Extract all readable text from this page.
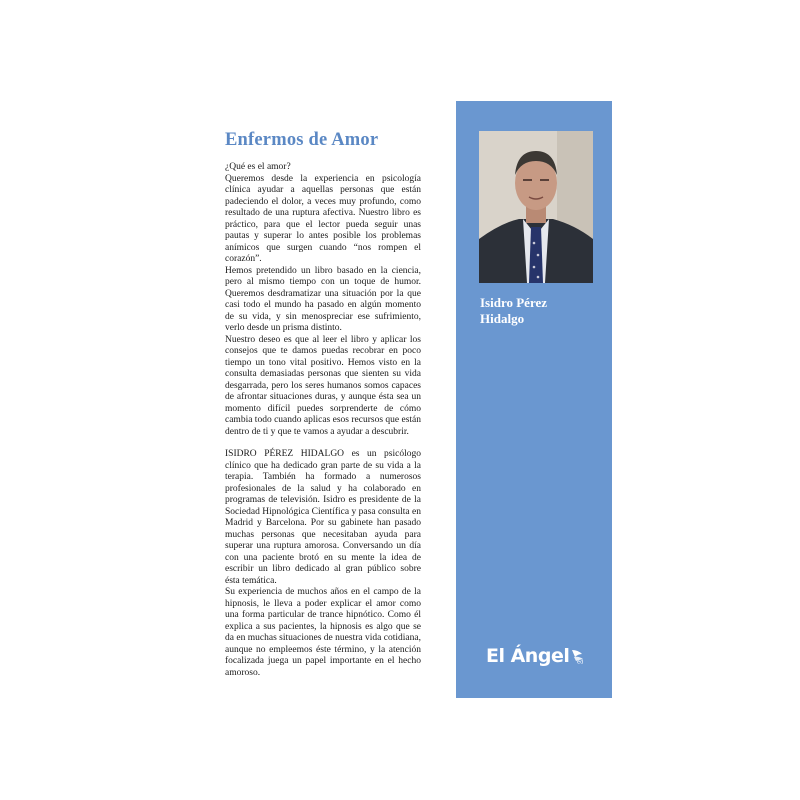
Enfermos de Amor

¿Qué es el amor?

Queremos desde la experiencia en psicología clínica ayudar a aquellas personas que están padeciendo el dolor, a veces muy profundo, como resultado de una ruptura afectiva. Nuestro libro es práctico, para que el lector pueda seguir unas pautas y superar lo antes posible los problemas anímicos que surgen cuando “nos rompen el corazón”.

Hemos pretendido un libro basado en la ciencia, pero al mismo tiempo con un toque de humor. Queremos desdramatizar una situación por la que casi todo el mundo ha pasado en algún momento de su vida, y sin menospreciar ese sufrimiento, verlo desde un prisma distinto.

Nuestro deseo es que al leer el libro y aplicar los consejos que te damos puedas recobrar en poco tiempo un tono vital positivo. Hemos visto en la consulta demasiadas personas que sienten su vida desgarrada, pero los seres humanos somos capaces de afrontar situaciones duras, y aunque ésta sea un momento difícil puedes sorprenderte de cómo cambia todo cuando aplicas esos recursos que están dentro de ti y que te vamos a ayudar a descubrir.

ISIDRO PÉREZ HIDALGO es un psicólogo clínico que ha dedicado gran parte de su vida a la terapia. También ha formado a numerosos profesionales de la salud y ha colaborado en programas de televisión. Isidro es presidente de la Sociedad Hipnológica Científica y pasa consulta en Madrid y Barcelona. Por su gabinete han pasado muchas personas que necesitaban ayuda para superar una ruptura amorosa. Conversando un día con una paciente brotó en su mente la idea de escribir un libro dedicado al gran público sobre ésta temática.

Su experiencia de muchos años en el campo de la hipnosis, le lleva a poder explicar el amor como una forma particular de trance hipnótico. Como él explica a sus pacientes, la hipnosis es algo que se da en muchas situaciones de nuestra vida cotidiana, aunque no empleemos éste término, y la atención focalizada juega un papel importante en el hecho amoroso.

Isidro Pérez
Hidalgo

El Ángel ed
